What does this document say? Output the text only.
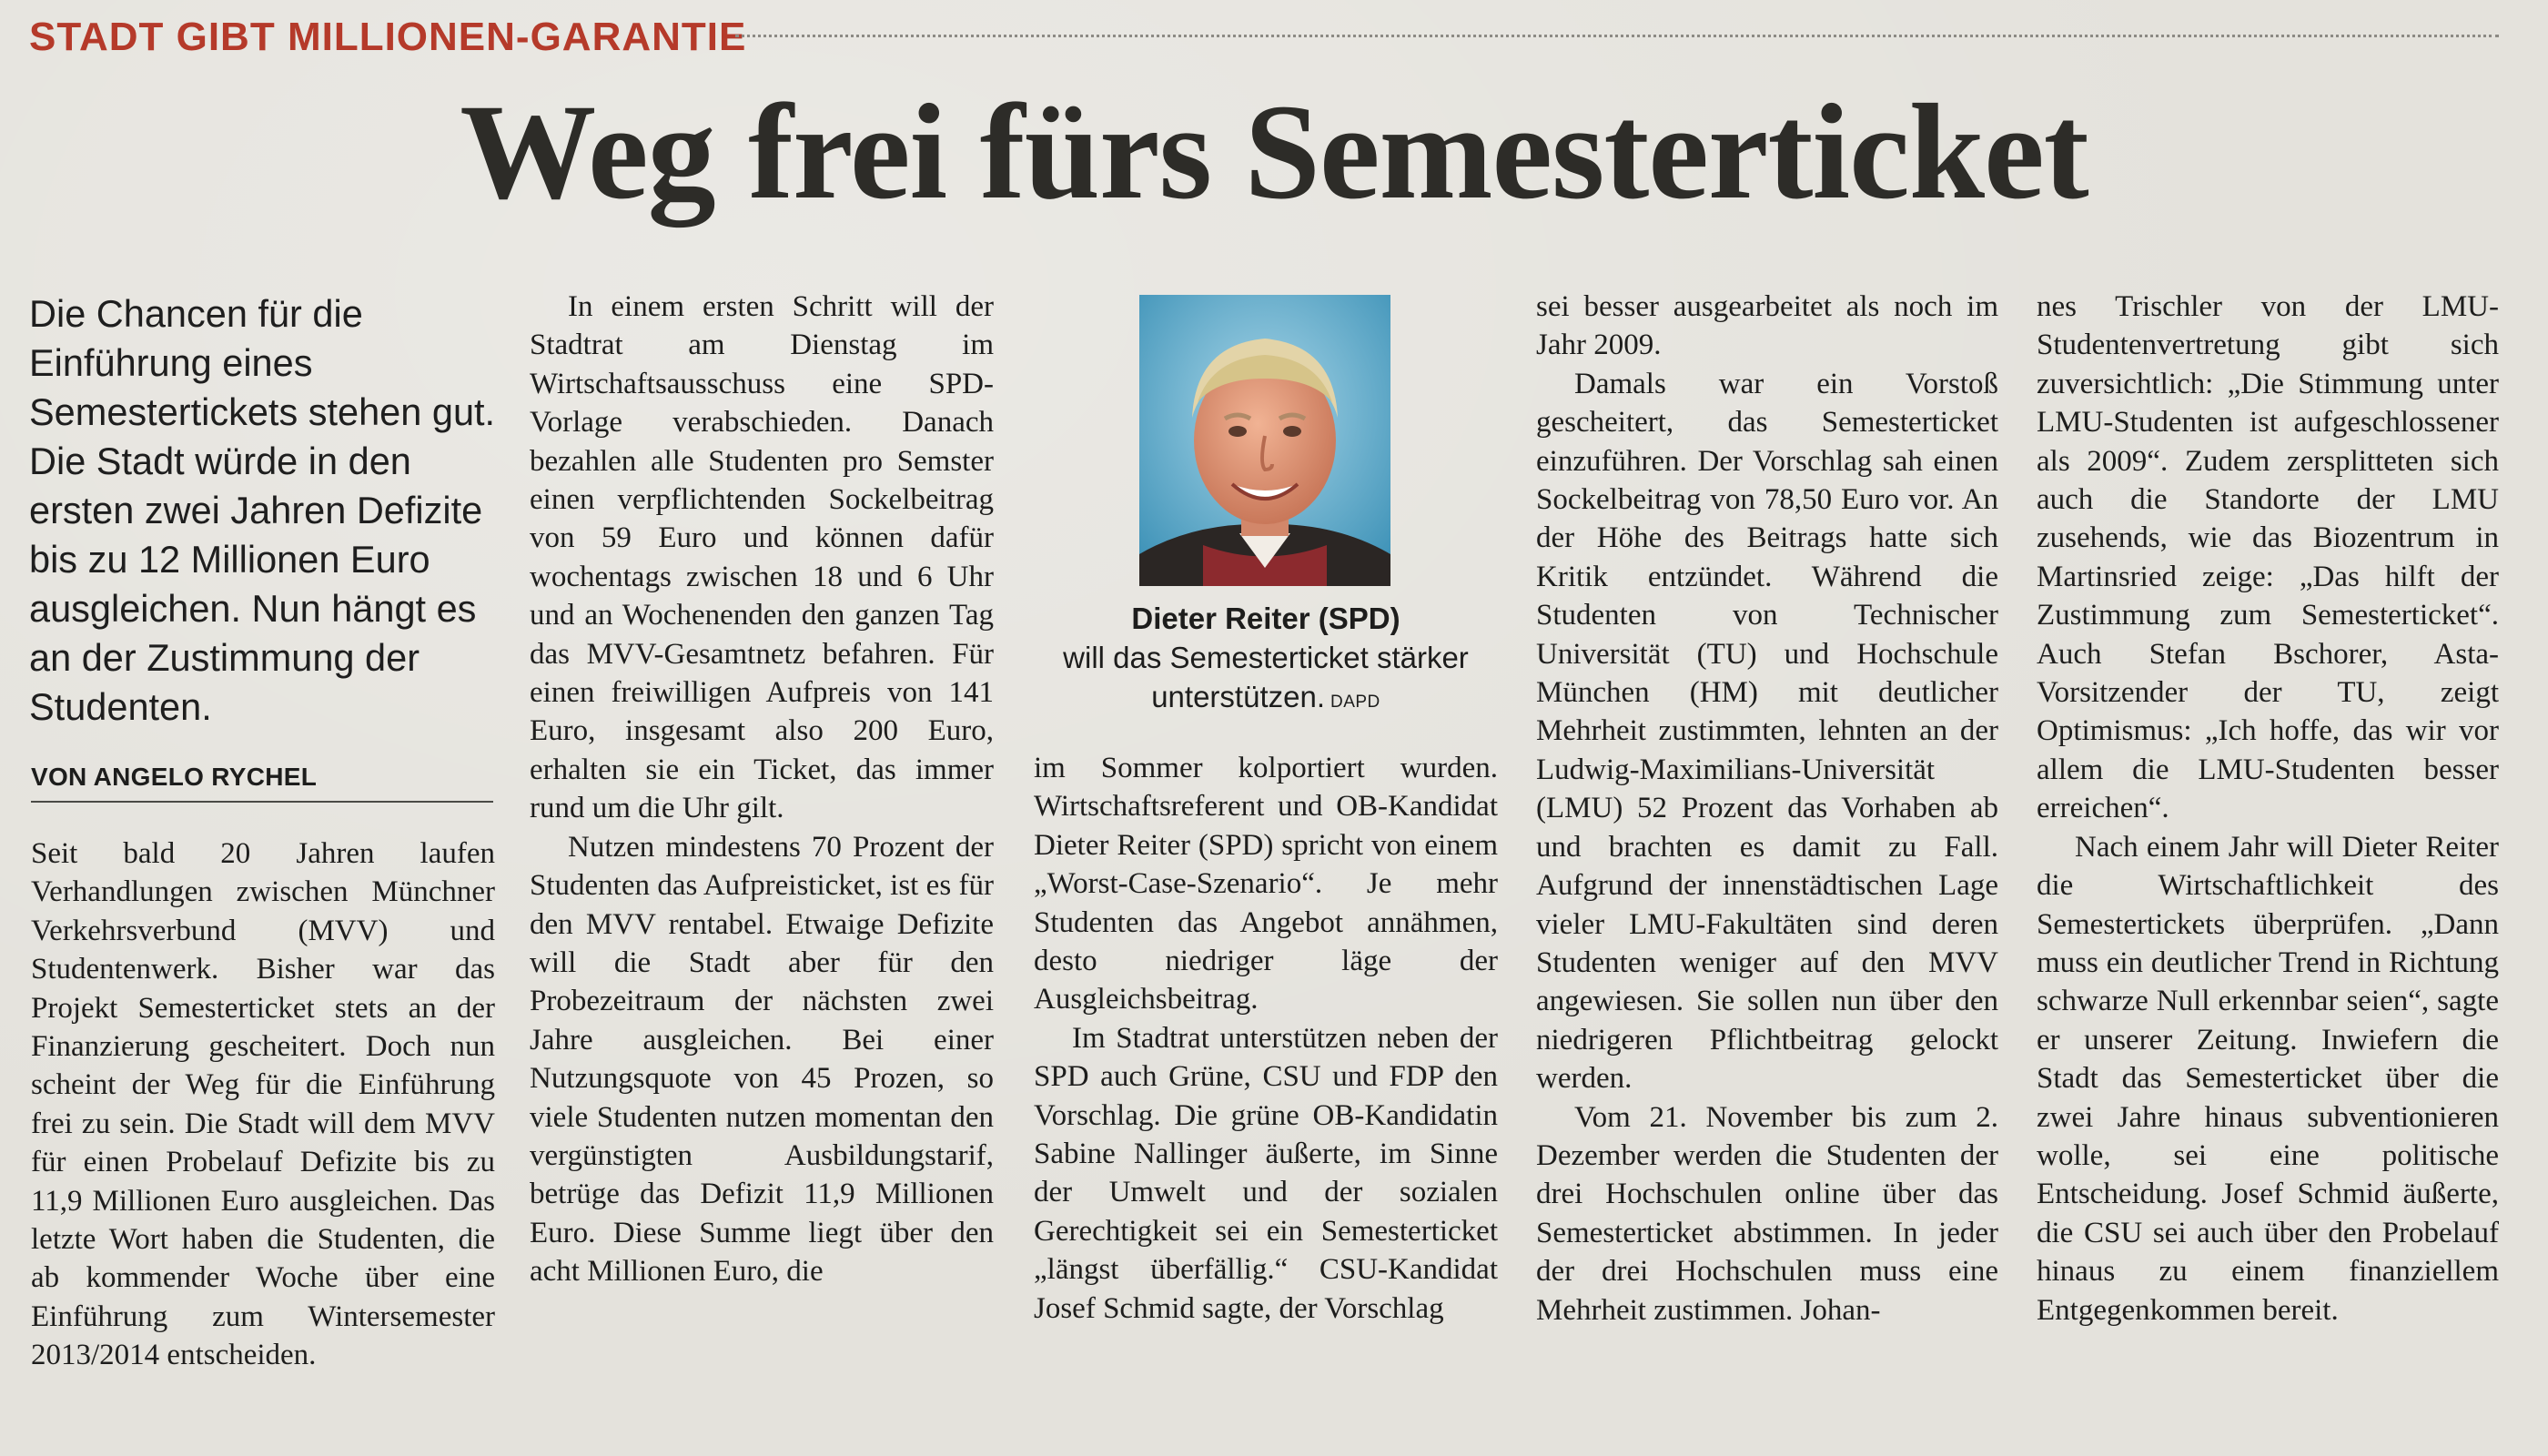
STADT GIBT MILLIONEN-GARANTIE
Weg frei fürs Semesterticket
Die Chancen für die Einführung eines Semestertickets stehen gut. Die Stadt würde in den ersten zwei Jahren Defizite bis zu 12 Millionen Euro ausgleichen. Nun hängt es an der Zustimmung der Studenten.
VON ANGELO RYCHEL

Seit bald 20 Jahren laufen Verhandlungen zwischen Münchner Verkehrsverbund (MVV) und Studentenwerk. Bisher war das Projekt Semesterticket stets an der Finanzierung gescheitert. Doch nun scheint der Weg für die Einführung frei zu sein. Die Stadt will dem MVV für einen Probelauf Defizite bis zu 11,9 Millionen Euro ausgleichen. Das letzte Wort haben die Studenten, die ab kommender Woche über eine Einführung zum Wintersemester 2013/2014 entscheiden.

In einem ersten Schritt will der Stadtrat am Dienstag im Wirtschaftsausschuss eine SPD-Vorlage verabschieden. Danach bezahlen alle Studenten pro Semster einen verpflichtenden Sockelbeitrag von 59 Euro und können dafür wochentags zwischen 18 und 6 Uhr und an Wochenenden den ganzen Tag das MVV-Gesamtnetz befahren. Für einen freiwilligen Aufpreis von 141 Euro, insgesamt also 200 Euro, erhalten sie ein Ticket, das immer rund um die Uhr gilt.

Nutzen mindestens 70 Prozent der Studenten das Aufpreisticket, ist es für den MVV rentabel. Etwaige Defizite will die Stadt aber für den Probezeitraum der nächsten zwei Jahre ausgleichen. Bei einer Nutzungsquote von 45 Prozen, so viele Studenten nutzen momentan den vergünstigten Ausbildungstarif, betrüge das Defizit 11,9 Millionen Euro. Diese Summe liegt über den acht Millionen Euro, die

Dieter Reiter (SPD)
will das Semesterticket stärker unterstützen. DAPD

im Sommer kolportiert wurden. Wirtschaftsreferent und OB-Kandidat Dieter Reiter (SPD) spricht von einem „Worst-Case-Szenario“. Je mehr Studenten das Angebot annähmen, desto niedriger läge der Ausgleichsbeitrag.

Im Stadtrat unterstützen neben der SPD auch Grüne, CSU und FDP den Vorschlag. Die grüne OB-Kandidatin Sabine Nallinger äußerte, im Sinne der Umwelt und der sozialen Gerechtigkeit sei ein Semesterticket „längst überfällig.“ CSU-Kandidat Josef Schmid sagte, der Vorschlag

sei besser ausgearbeitet als noch im Jahr 2009.

Damals war ein Vorstoß gescheitert, das Semesterticket einzuführen. Der Vorschlag sah einen Sockelbeitrag von 78,50 Euro vor. An der Höhe des Beitrags hatte sich Kritik entzündet. Während die Studenten von Technischer Universität (TU) und Hochschule München (HM) mit deutlicher Mehrheit zustimmten, lehnten an der Ludwig-Maximilians-Universität (LMU) 52 Prozent das Vorhaben ab und brachten es damit zu Fall. Aufgrund der innenstädtischen Lage vieler LMU-Fakultäten sind deren Studenten weniger auf den MVV angewiesen. Sie sollen nun über den niedrigeren Pflichtbeitrag gelockt werden.

Vom 21. November bis zum 2. Dezember werden die Studenten der drei Hochschulen online über das Semesterticket abstimmen. In jeder der drei Hochschulen muss eine Mehrheit zustimmen. Johan-

nes Trischler von der LMU-Studentenvertretung gibt sich zuversichtlich: „Die Stimmung unter LMU-Studenten ist aufgeschlossener als 2009“. Zudem zersplitteten sich auch die Standorte der LMU zusehends, wie das Biozentrum in Martinsried zeige: „Das hilft der Zustimmung zum Semesterticket“. Auch Stefan Bschorer, Asta-Vorsitzender der TU, zeigt Optimismus: „Ich hoffe, das wir vor allem die LMU-Studenten besser erreichen“.

Nach einem Jahr will Dieter Reiter die Wirtschaftlichkeit des Semestertickets überprüfen. „Dann muss ein deutlicher Trend in Richtung schwarze Null erkennbar seien“, sagte er unserer Zeitung. Inwiefern die Stadt das Semesterticket über die zwei Jahre hinaus subventionieren wolle, sei eine politische Entscheidung. Josef Schmid äußerte, die CSU sei auch über den Probelauf hinaus zu einem finanziellem Entgegenkommen bereit.
